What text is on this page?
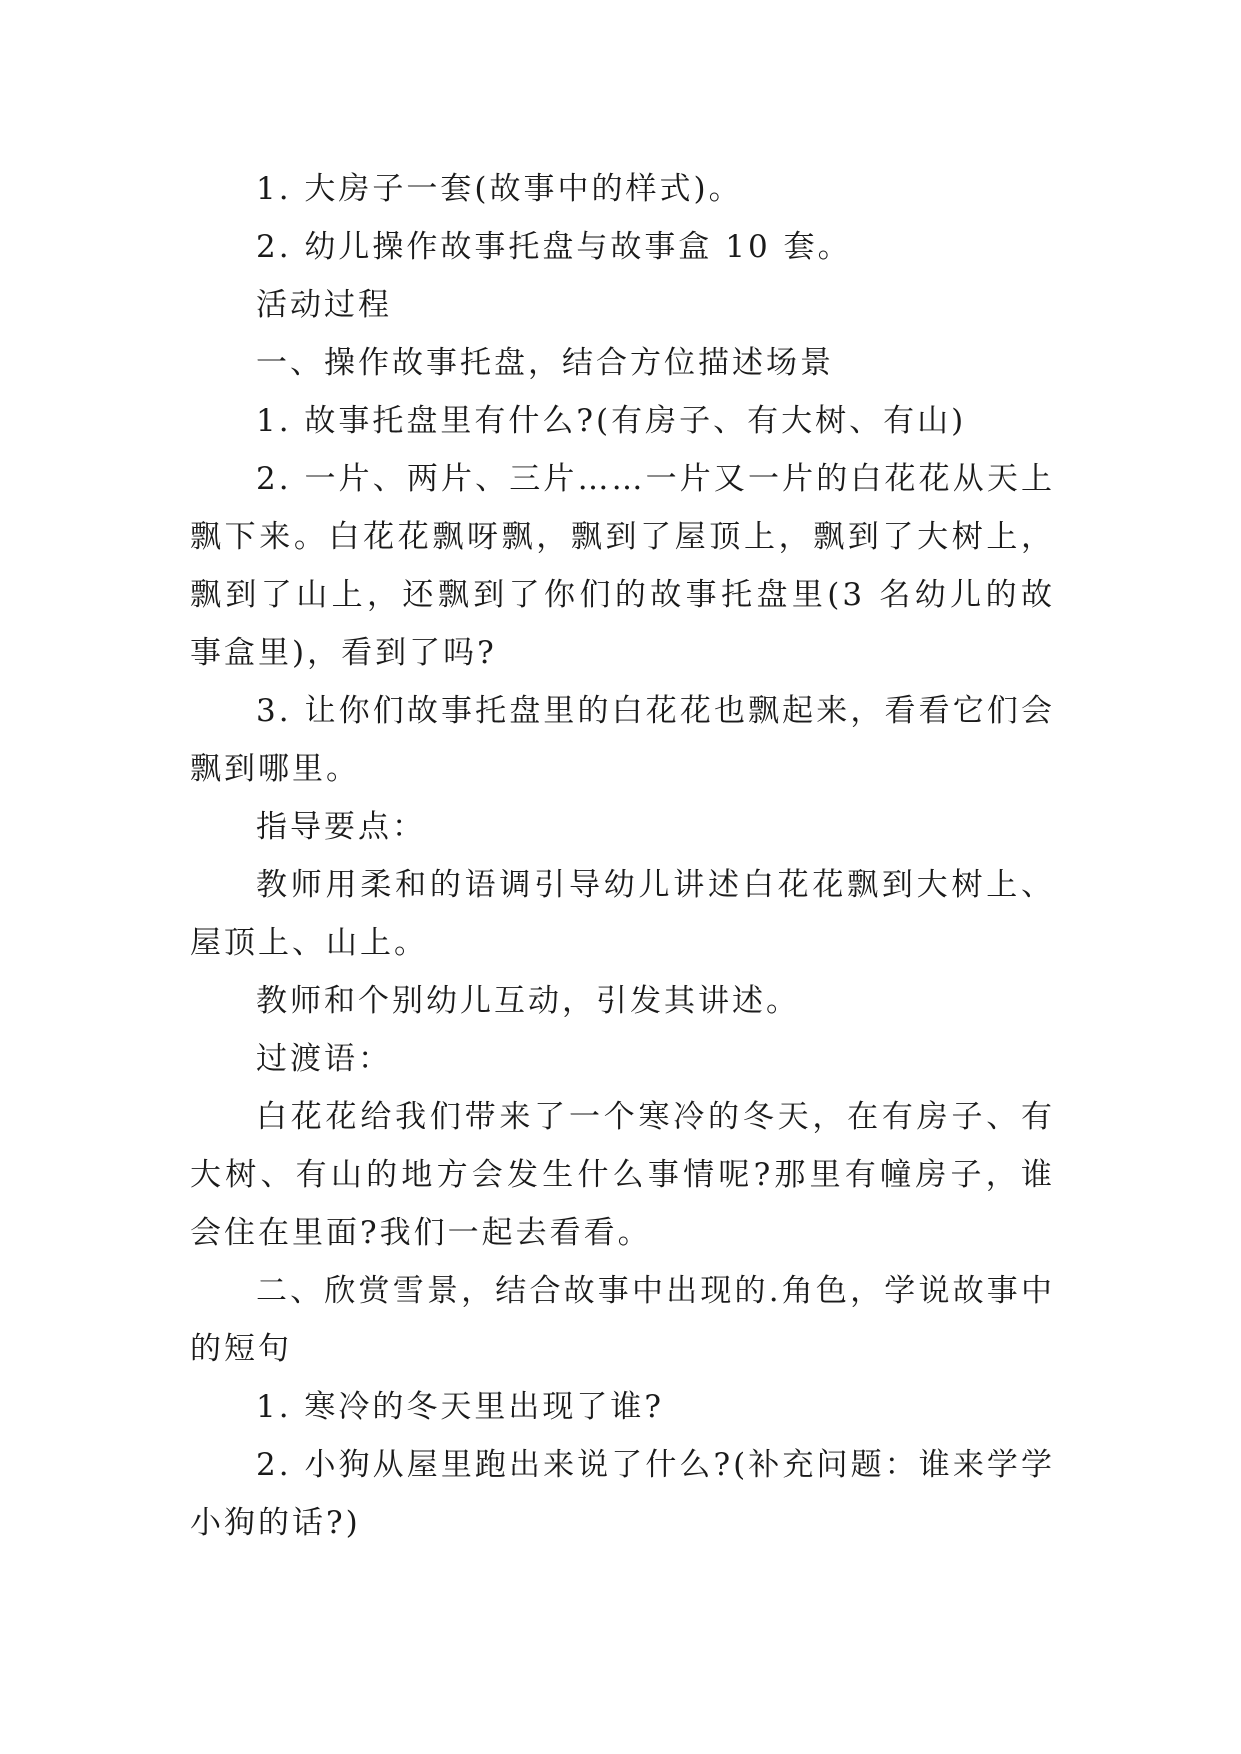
1. 大房子一套(故事中的样式)。

2. 幼儿操作故事托盘与故事盒 10 套。

活动过程

一、操作故事托盘，结合方位描述场景

1. 故事托盘里有什么?(有房子、有大树、有山)

2. 一片、两片、三片……一片又一片的白花花从天上飘下来。白花花飘呀飘，飘到了屋顶上，飘到了大树上，飘到了山上，还飘到了你们的故事托盘里(3 名幼儿的故事盒里)，看到了吗?

3. 让你们故事托盘里的白花花也飘起来，看看它们会飘到哪里。

指导要点：

教师用柔和的语调引导幼儿讲述白花花飘到大树上、屋顶上、山上。

教师和个别幼儿互动，引发其讲述。

过渡语：

白花花给我们带来了一个寒冷的冬天，在有房子、有大树、有山的地方会发生什么事情呢?那里有幢房子，谁会住在里面?我们一起去看看。

二、欣赏雪景，结合故事中出现的.角色，学说故事中的短句

1. 寒冷的冬天里出现了谁?

2. 小狗从屋里跑出来说了什么?(补充问题：谁来学学小狗的话?)
